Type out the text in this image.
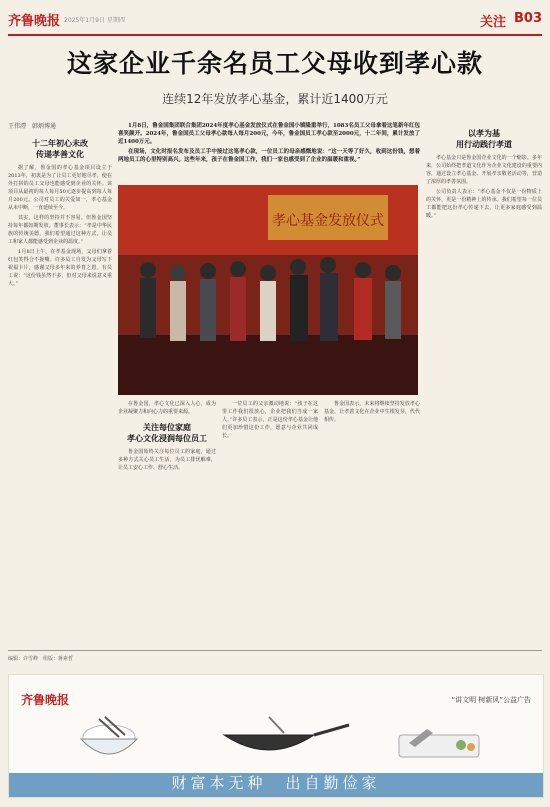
齐鲁晚报 2025年1月9日 星期四	关注 B03
这家企业千余名员工父母收到孝心款
连续12年发放孝心基金，累计近1400万元
王伟澧　韩炳博通	1月8日，鲁金国集团联合集团2024年度孝心基金发放仪式在鲁金国小镇隆重举行，1083名员工父母拿着这笔新年红包喜笑颜开。2024年，鲁金国员工父母孝心款每人每月200元，今年，鲁金国员工孝心款至2000元，十二年间，累计发放了近1400万元。

在现场，文化时报名发布及员工手中接过这笔孝心款，一位员工的母亲感慨地说：“这一天等了好久，收到这份钱，想着两地员工的心里特别高兴。这些年来，孩子在鲁金国工作，我们一家也感受到了企业的温暖和重视。”

十二年初心未改
传递孝善文化

据了解，鲁金国的孝心基金项目设立于2013年，初衷是为了让员工更好地尽孝，使在外打拼的员工父母也能感受到企业的关怀。该项目从最初的每人每月50元逐步提高到每人每月200元。公司对员工的关爱如一，孝心基金从未中断，一直延续至今。

其实，这样的坚持并不容易。但鲁金国坚持每年都如期发放。董事长表示：“孝是中华民族的传统美德，我们希望通过这种方式，让员工和家人都能感受到企业的温度。”

1月8日上午，在孝基金现场，父母们拿着红包笑得合不拢嘴。许多员工自发为父母写下祝福卡片，感谢父母多年来的养育之恩。有员工说：“这份钱虽然不多，但对父母来说意义重大。”

孝心基金发放仪式

在鲁金国，孝心文化已深入人心，成为企业凝聚力和向心力的重要来源。

关注每位家庭
孝心文化浸润每位员工

鲁金国始终关注每位员工的家庭，通过多种方式关心员工生活，为员工排忧解难，让员工安心工作、舒心生活。

一位员工的父亲激动地说：“孩子在这里工作我们很放心，企业把我们当成一家人。”许多员工表示，正是这份孝心基金让他们更加珍惜这份工作，愿意与企业共同成长。

鲁金国表示，未来将继续坚持发放孝心基金，让孝善文化在企业中生根发芽，代代相传。

以孝为基
用行动践行孝道

孝心基金只是鲁金国企业文化的一个缩影。多年来，公司始终把孝道文化作为企业文化建设的重要内容，通过设立孝心基金、开展孝亲敬老活动等，营造了浓厚的孝善氛围。

公司负责人表示：“孝心基金不仅是一份物质上的关怀，更是一份精神上的传承。我们希望每一位员工都能把这份孝心传递下去，让更多家庭感受到温暖。”

编辑：许雪峰　组版：蒋素哲
齐鲁晚报	“讲文明 树新风”公益广告
财富本无种　出自勤俭家
